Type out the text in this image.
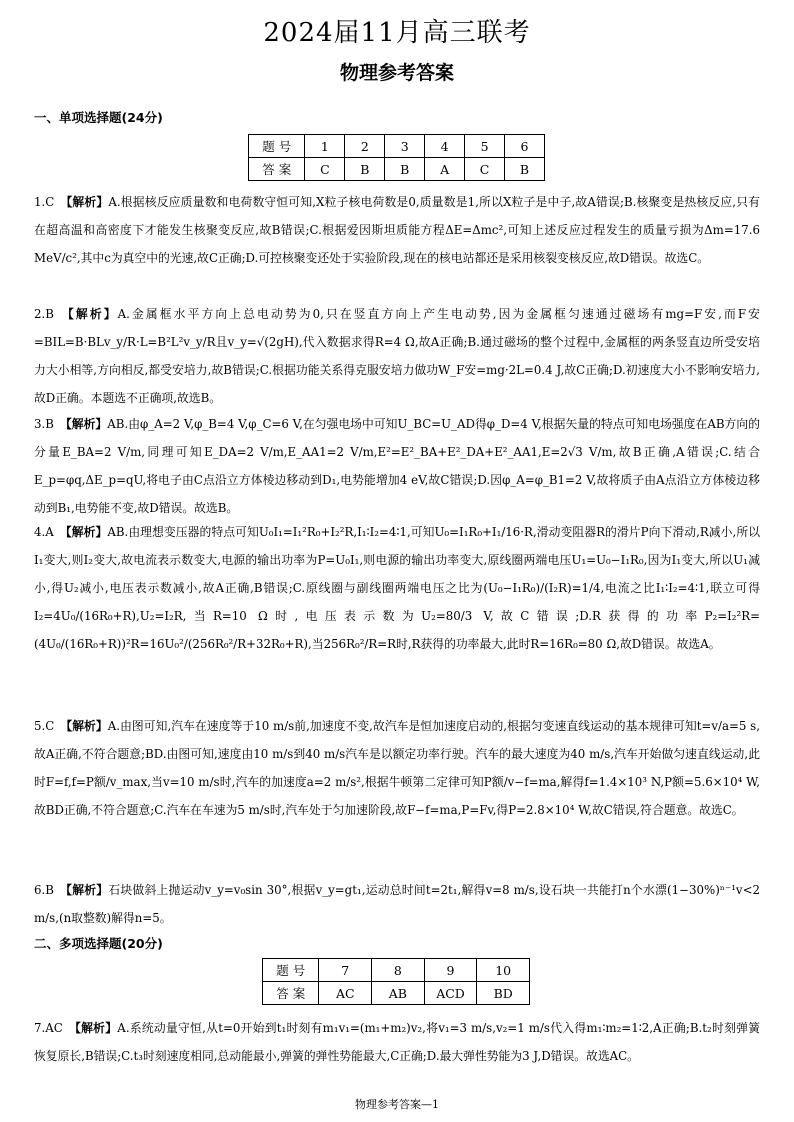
2024届11月高三联考
物理参考答案
一、单项选择题(24分)
题 号	1	2	3	4	5	6
答 案	C	B	B	A	C	B
1.C 【解析】A.根据核反应质量数和电荷数守恒可知,X粒子核电荷数是0,质量数是1,所以X粒子是中子,故A错误;B.核聚变是热核反应,只有在超高温和高密度下才能发生核聚变反应,故B错误;C.根据爱因斯坦质能方程ΔE=Δmc²,可知上述反应过程发生的质量亏损为Δm=17.6 MeV/c²,其中c为真空中的光速,故C正确;D.可控核聚变还处于实验阶段,现在的核电站都还是采用核裂变核反应,故D错误。故选C。
2.B 【解析】A.金属框水平方向上总电动势为0,只在竖直方向上产生电动势,因为金属框匀速通过磁场有mg=F安,而F安=BIL=B·BLv_y/R·L=B²L²v_y/R且v_y=√(2gH),代入数据求得R=4 Ω,故A正确;B.通过磁场的整个过程中,金属框的两条竖直边所受安培力大小相等,方向相反,都受安培力,故B错误;C.根据功能关系得克服安培力做功W_F安=mg·2L=0.4 J,故C正确;D.初速度大小不影响安培力,故D正确。本题选不正确项,故选B。
3.B 【解析】AB.由φ_A=2 V,φ_B=4 V,φ_C=6 V,在匀强电场中可知U_BC=U_AD得φ_D=4 V,根据矢量的特点可知电场强度在AB方向的分量E_BA=2 V/m,同理可知E_DA=2 V/m,E_AA1=2 V/m,E²=E²_BA+E²_DA+E²_AA1,E=2√3 V/m,故B正确,A错误;C.结合E_p=φq,ΔE_p=qU,将电子由C点沿立方体棱边移动到D₁,电势能增加4 eV,故C错误;D.因φ_A=φ_B1=2 V,故将质子由A点沿立方体棱边移动到B₁,电势能不变,故D错误。故选B。
4.A 【解析】AB.由理想变压器的特点可知U₀I₁=I₁²R₀+I₂²R,I₁∶I₂=4∶1,可知U₀=I₁R₀+I₁/16·R,滑动变阻器R的滑片P向下滑动,R减小,所以I₁变大,则I₂变大,故电流表示数变大,电源的输出功率为P=U₀I₁,则电源的输出功率变大,原线圈两端电压U₁=U₀−I₁R₀,因为I₁变大,所以U₁减小,得U₂减小,电压表示数减小,故A正确,B错误;C.原线圈与副线圈两端电压之比为(U₀−I₁R₀)/(I₂R)=1/4,电流之比I₁∶I₂=4∶1,联立可得I₂=4U₀/(16R₀+R),U₂=I₂R,当R=10 Ω时,电压表示数为U₂=80/3 V,故C错误;D.R获得的功率P₂=I₂²R=(4U₀/(16R₀+R))²R=16U₀²/(256R₀²/R+32R₀+R),当256R₀²/R=R时,R获得的功率最大,此时R=16R₀=80 Ω,故D错误。故选A。
5.C 【解析】A.由图可知,汽车在速度等于10 m/s前,加速度不变,故汽车是恒加速度启动的,根据匀变速直线运动的基本规律可知t=v/a=5 s,故A正确,不符合题意;BD.由图可知,速度由10 m/s到40 m/s汽车是以额定功率行驶。汽车的最大速度为40 m/s,汽车开始做匀速直线运动,此时F=f,f=P额/v_max,当v=10 m/s时,汽车的加速度a=2 m/s²,根据牛顿第二定律可知P额/v−f=ma,解得f=1.4×10³ N,P额=5.6×10⁴ W,故BD正确,不符合题意;C.汽车在车速为5 m/s时,汽车处于匀加速阶段,故F−f=ma,P=Fv,得P=2.8×10⁴ W,故C错误,符合题意。故选C。
6.B 【解析】石块做斜上抛运动v_y=v₀sin 30°,根据v_y=gt₁,运动总时间t=2t₁,解得v=8 m/s,设石块一共能打n个水漂(1−30%)ⁿ⁻¹v<2 m/s,(n取整数)解得n=5。
二、多项选择题(20分)
题 号	7	8	9	10
答 案	AC	AB	ACD	BD
7.AC 【解析】A.系统动量守恒,从t=0开始到t₁时刻有m₁v₁=(m₁+m₂)v₂,将v₁=3 m/s,v₂=1 m/s代入得m₁∶m₂=1∶2,A正确;B.t₂时刻弹簧恢复原长,B错误;C.t₃时刻速度相同,总动能最小,弹簧的弹性势能最大,C正确;D.最大弹性势能为3 J,D错误。故选AC。
物理参考答案—1
